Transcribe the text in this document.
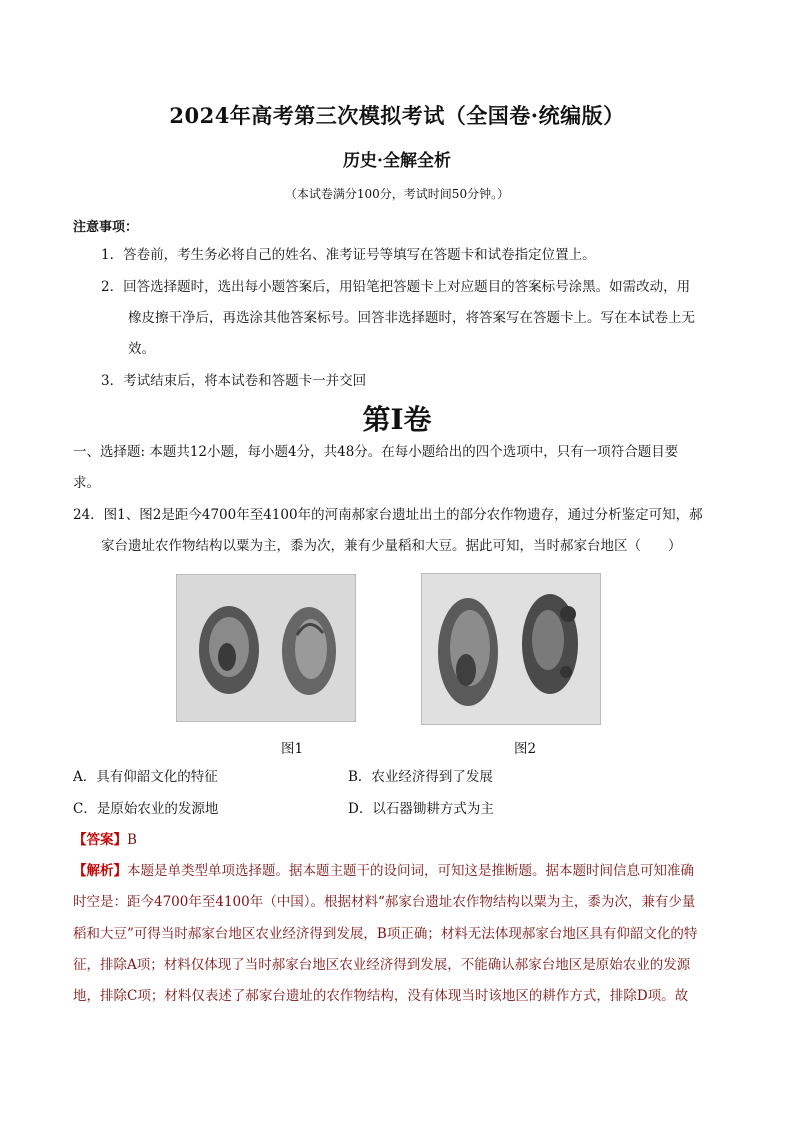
2024年高考第三次模拟考试（全国卷·统编版）
历史·全解全析
（本试卷满分100分，考试时间50分钟。）
注意事项：
1．答卷前，考生务必将自己的姓名、准考证号等填写在答题卡和试卷指定位置上。
2．回答选择题时，选出每小题答案后，用铅笔把答题卡上对应题目的答案标号涂黑。如需改动，用
橡皮擦干净后，再选涂其他答案标号。回答非选择题时，将答案写在答题卡上。写在本试卷上无
效。
3．考试结束后，将本试卷和答题卡一并交回
第Ⅰ卷
一、选择题: 本题共12小题，每小题4分，共48分。在每小题给出的四个选项中，只有一项符合题目要
求。
24．图1、图2是距今4700年至4100年的河南郝家台遗址出土的部分农作物遗存，通过分析鉴定可知，郝
家台遗址农作物结构以粟为主，黍为次，兼有少量稻和大豆。据此可知，当时郝家台地区（　　）
图1	图2
A．具有仰韶文化的特征	B．农业经济得到了发展
C．是原始农业的发源地	D．以石器锄耕方式为主
【答案】B
【解析】本题是单类型单项选择题。据本题主题干的设问词，可知这是推断题。据本题时间信息可知准确
时空是：距今4700年至4100年（中国）。根据材料“郝家台遗址农作物结构以粟为主，黍为次，兼有少量
稻和大豆”可得当时郝家台地区农业经济得到发展，B项正确；材料无法体现郝家台地区具有仰韶文化的特
征，排除A项；材料仅体现了当时郝家台地区农业经济得到发展，不能确认郝家台地区是原始农业的发源
地，排除C项；材料仅表述了郝家台遗址的农作物结构，没有体现当时该地区的耕作方式，排除D项。故
